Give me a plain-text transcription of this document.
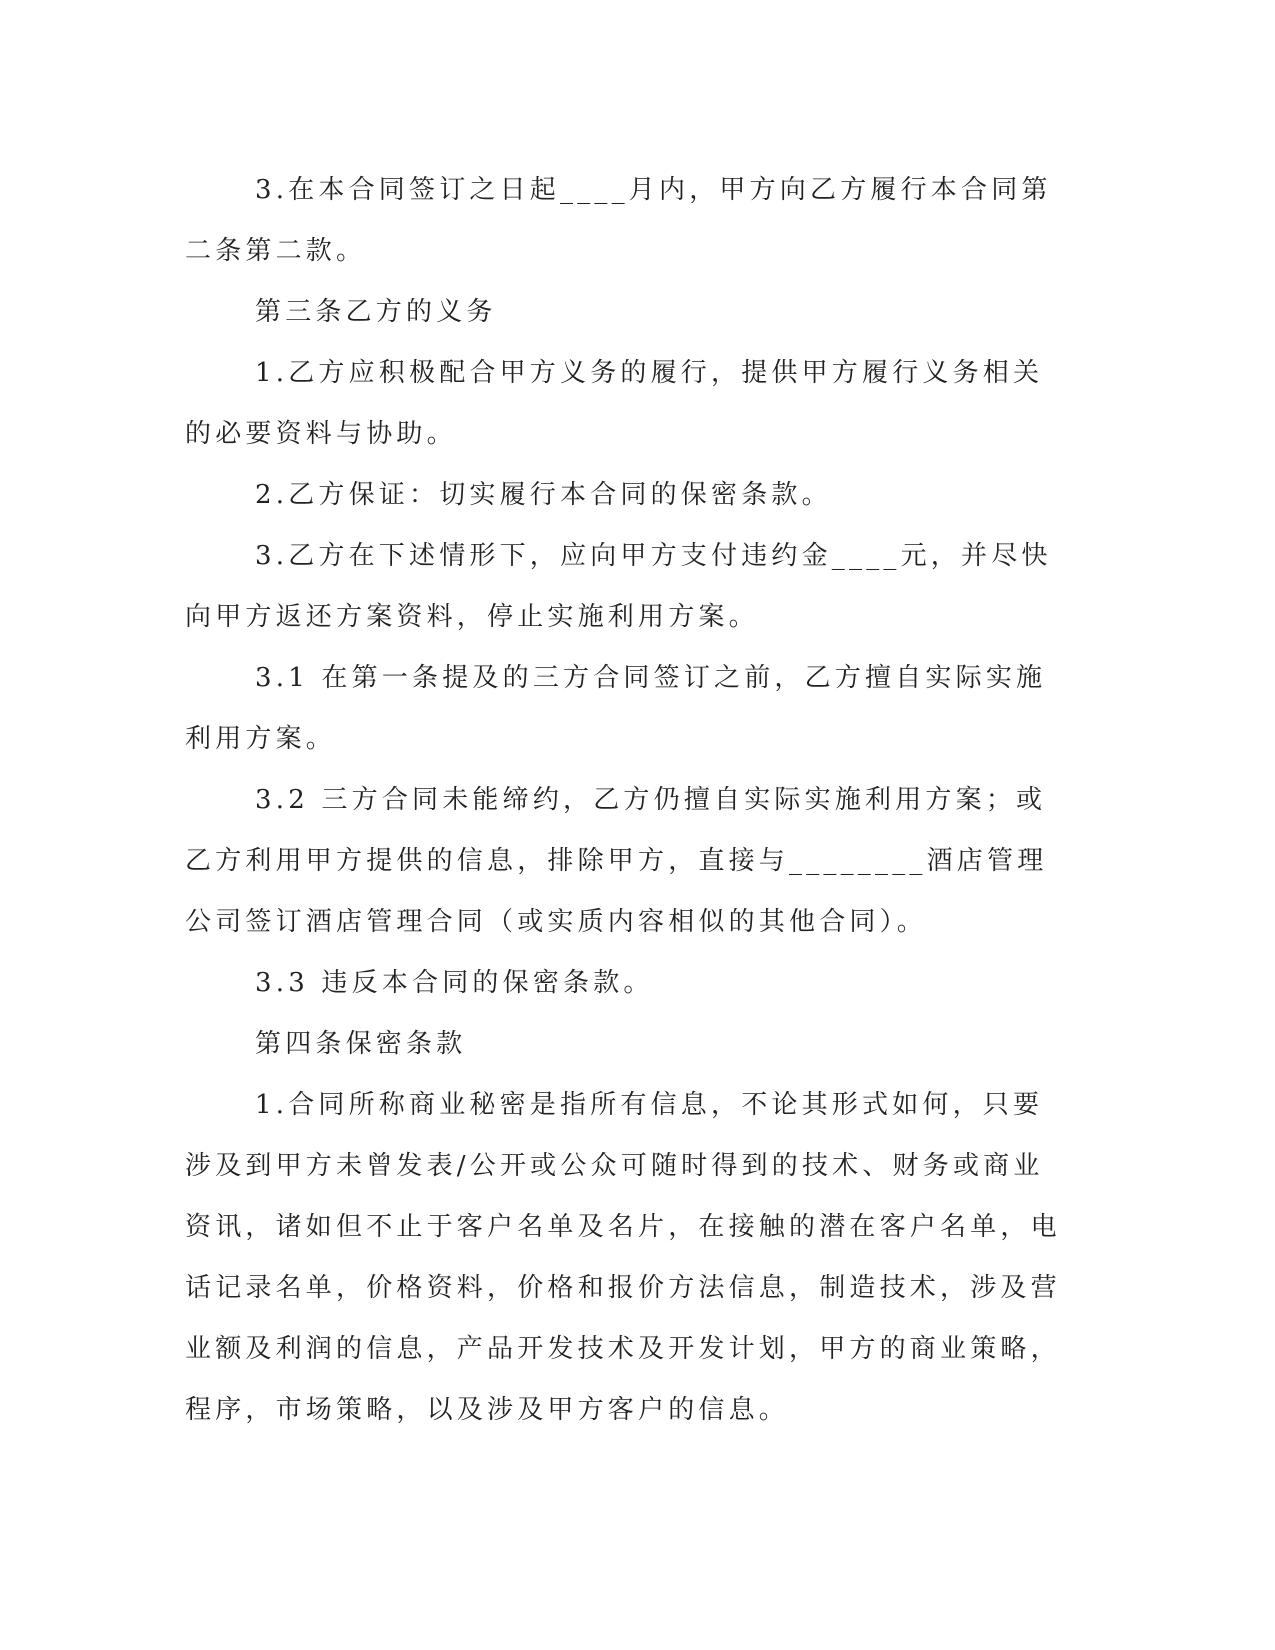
3.在本合同签订之日起____月内，甲方向乙方履行本合同第二条第二款。

第三条乙方的义务

1.乙方应积极配合甲方义务的履行，提供甲方履行义务相关的必要资料与协助。

2.乙方保证：切实履行本合同的保密条款。

3.乙方在下述情形下，应向甲方支付违约金____元，并尽快向甲方返还方案资料，停止实施利用方案。

3.1 在第一条提及的三方合同签订之前，乙方擅自实际实施利用方案。

3.2 三方合同未能缔约，乙方仍擅自实际实施利用方案；或乙方利用甲方提供的信息，排除甲方，直接与________酒店管理公司签订酒店管理合同（或实质内容相似的其他合同）。

3.3 违反本合同的保密条款。

第四条保密条款

1.合同所称商业秘密是指所有信息，不论其形式如何，只要涉及到甲方未曾发表/公开或公众可随时得到的技术、财务或商业资讯，诸如但不止于客户名单及名片，在接触的潜在客户名单，电话记录名单，价格资料，价格和报价方法信息，制造技术，涉及营业额及利润的信息，产品开发技术及开发计划，甲方的商业策略，程序，市场策略，以及涉及甲方客户的信息。
